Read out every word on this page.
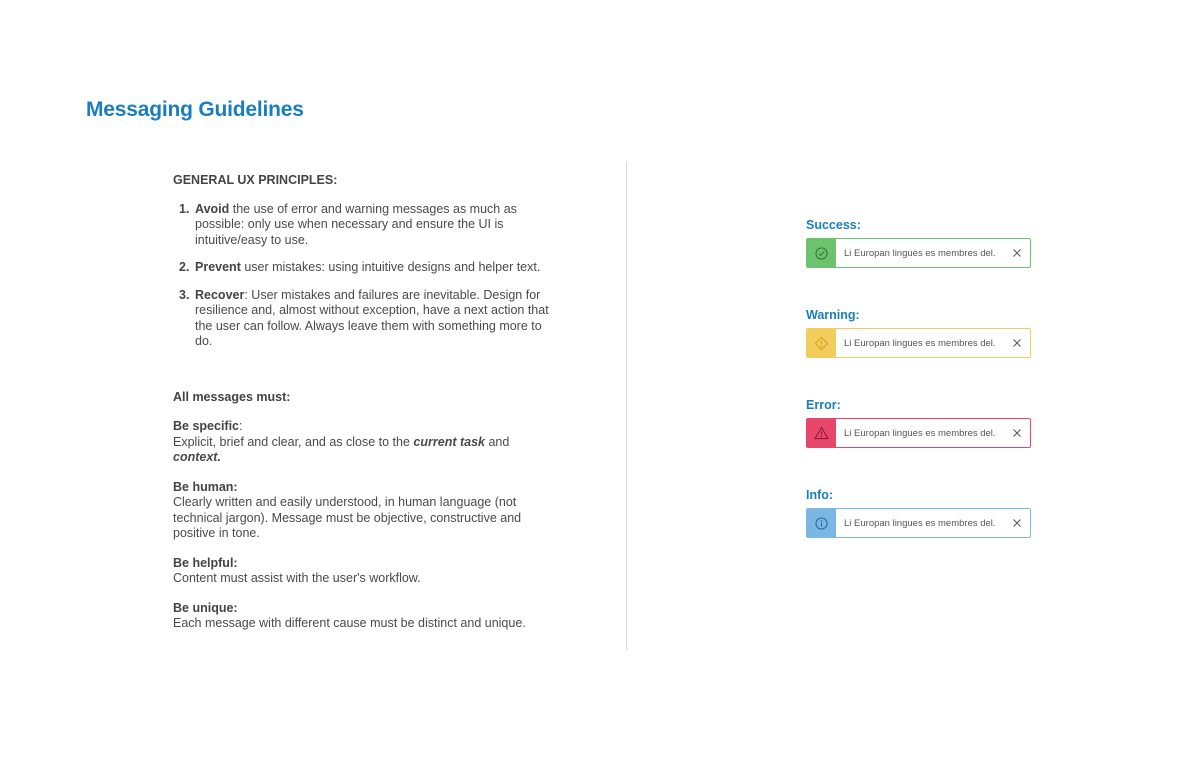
Messaging Guidelines

GENERAL UX PRINCIPLES:

1. Avoid the use of error and warning messages as much as possible: only use when necessary and ensure the UI is intuitive/easy to use.
2. Prevent user mistakes: using intuitive designs and helper text.
3. Recover: User mistakes and failures are inevitable. Design for resilience and, almost without exception, have a next action that the user can follow. Always leave them with something more to do.

All messages must:

Be specific:
Explicit, brief and clear, and as close to the current task and context.
Be human:
Clearly written and easily understood, in human language (not technical jargon). Message must be objective, constructive and positive in tone.
Be helpful:
Content must assist with the user's workflow.
Be unique:
Each message with different cause must be distinct and unique.

Success:

Li Europan lingues es membres del.

Warning:

Li Europan lingues es membres del.

Error:

Li Europan lingues es membres del.

Info:

Li Europan lingues es membres del.
